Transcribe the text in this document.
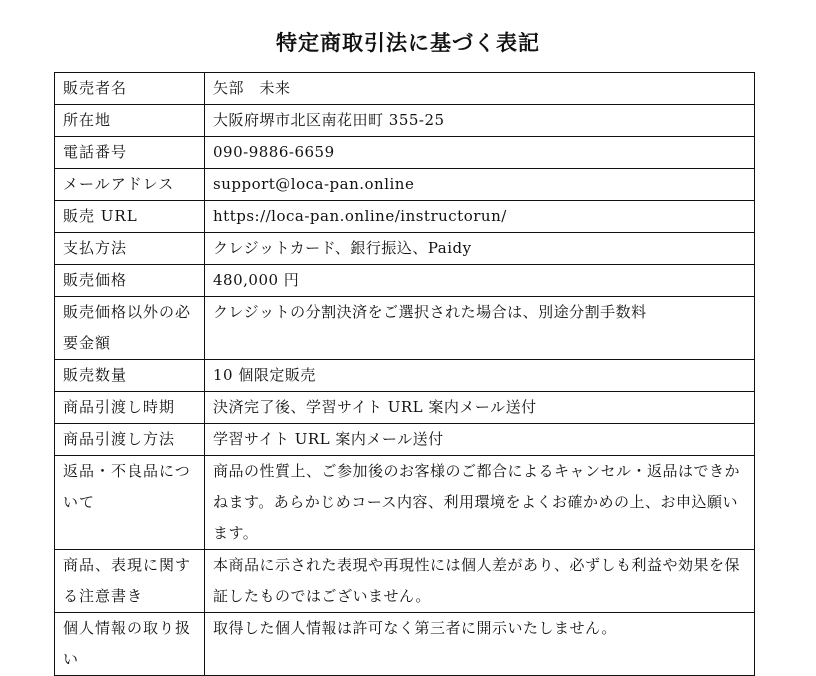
特定商取引法に基づく表記
販売者名	矢部　未来
所在地	大阪府堺市北区南花田町 355-25
電話番号	090-9886-6659
メールアドレス	support@loca-pan.online
販売 URL	https://loca-pan.online/instructorun/
支払方法	クレジットカード、銀行振込、Paidy
販売価格	480,000 円
販売価格以外の必要金額	クレジットの分割決済をご選択された場合は、別途分割手数料
販売数量	10 個限定販売
商品引渡し時期	決済完了後、学習サイト URL 案内メール送付
商品引渡し方法	学習サイト URL 案内メール送付
返品・不良品について	商品の性質上、ご参加後のお客様のご都合によるキャンセル・返品はできかねます。あらかじめコース内容、利用環境をよくお確かめの上、お申込願います。
商品、表現に関する注意書き	本商品に示された表現や再現性には個人差があり、必ずしも利益や効果を保証したものではございません。
個人情報の取り扱い	取得した個人情報は許可なく第三者に開示いたしません。
